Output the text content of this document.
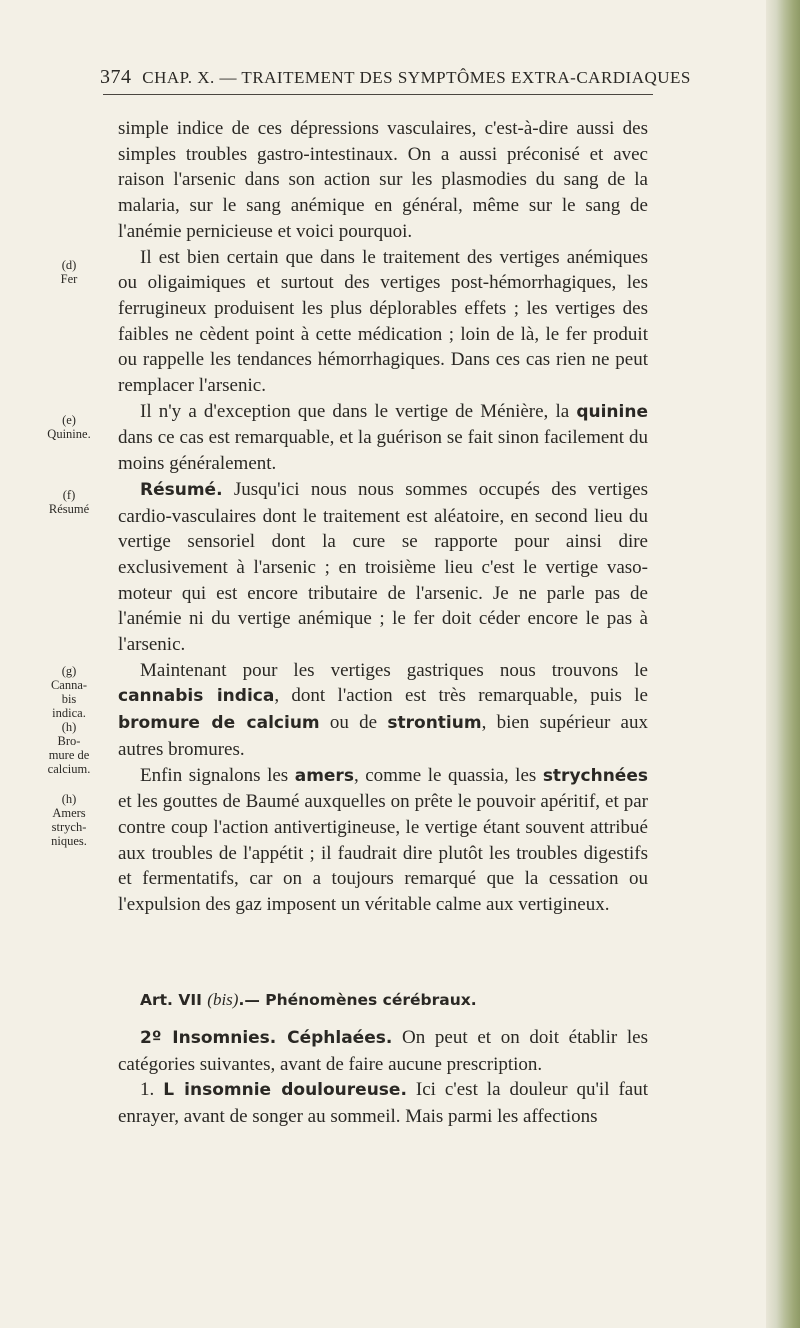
374 CHAP. X. — TRAITEMENT DES SYMPTÔMES EXTRA-CARDIAQUES
(d)
Fer
(e)
Quinine.
(f)
Résumé
(g)
Canna-
bis
indica.
(h)
Bro-
mure de
calcium.
(h)
Amers
strych-
niques.

simple indice de ces dépressions vasculaires, c'est-à-dire aussi des simples troubles gastro-intestinaux. On a aussi préconisé et avec raison l'arsenic dans son action sur les plasmodies du sang de la malaria, sur le sang anémique en général, même sur le sang de l'anémie pernicieuse et voici pourquoi.

Il est bien certain que dans le traitement des vertiges anémiques ou oligaimiques et surtout des vertiges post-hémorrhagiques, les ferrugineux produisent les plus déplorables effets ; les vertiges des faibles ne cèdent point à cette médication ; loin de là, le fer produit ou rappelle les tendances hémorrhagiques. Dans ces cas rien ne peut remplacer l'arsenic.

Il n'y a d'exception que dans le vertige de Ménière, la quinine dans ce cas est remarquable, et la guérison se fait sinon facilement du moins généralement.

Résumé. Jusqu'ici nous nous sommes occupés des vertiges cardio-vasculaires dont le traitement est aléatoire, en second lieu du vertige sensoriel dont la cure se rapporte pour ainsi dire exclusivement à l'arsenic ; en troisième lieu c'est le vertige vaso-moteur qui est encore tributaire de l'arsenic. Je ne parle pas de l'anémie ni du vertige anémique ; le fer doit céder encore le pas à l'arsenic.

Maintenant pour les vertiges gastriques nous trouvons le cannabis indica, dont l'action est très remarquable, puis le bromure de calcium ou de strontium, bien supérieur aux autres bromures.

Enfin signalons les amers, comme le quassia, les strychnées et les gouttes de Baumé auxquelles on prête le pouvoir apéritif, et par contre coup l'action antivertigineuse, le vertige étant souvent attribué aux troubles de l'appétit ; il faudrait dire plutôt les troubles digestifs et fermentatifs, car on a toujours remarqué que la cessation ou l'expulsion des gaz imposent un véritable calme aux vertigineux.

Art. VII (bis).— Phénomènes cérébraux.

2º Insomnies. Céphlaées. On peut et on doit établir les catégories suivantes, avant de faire aucune prescription.

1. L insomnie douloureuse. Ici c'est la douleur qu'il faut enrayer, avant de songer au sommeil. Mais parmi les affections
